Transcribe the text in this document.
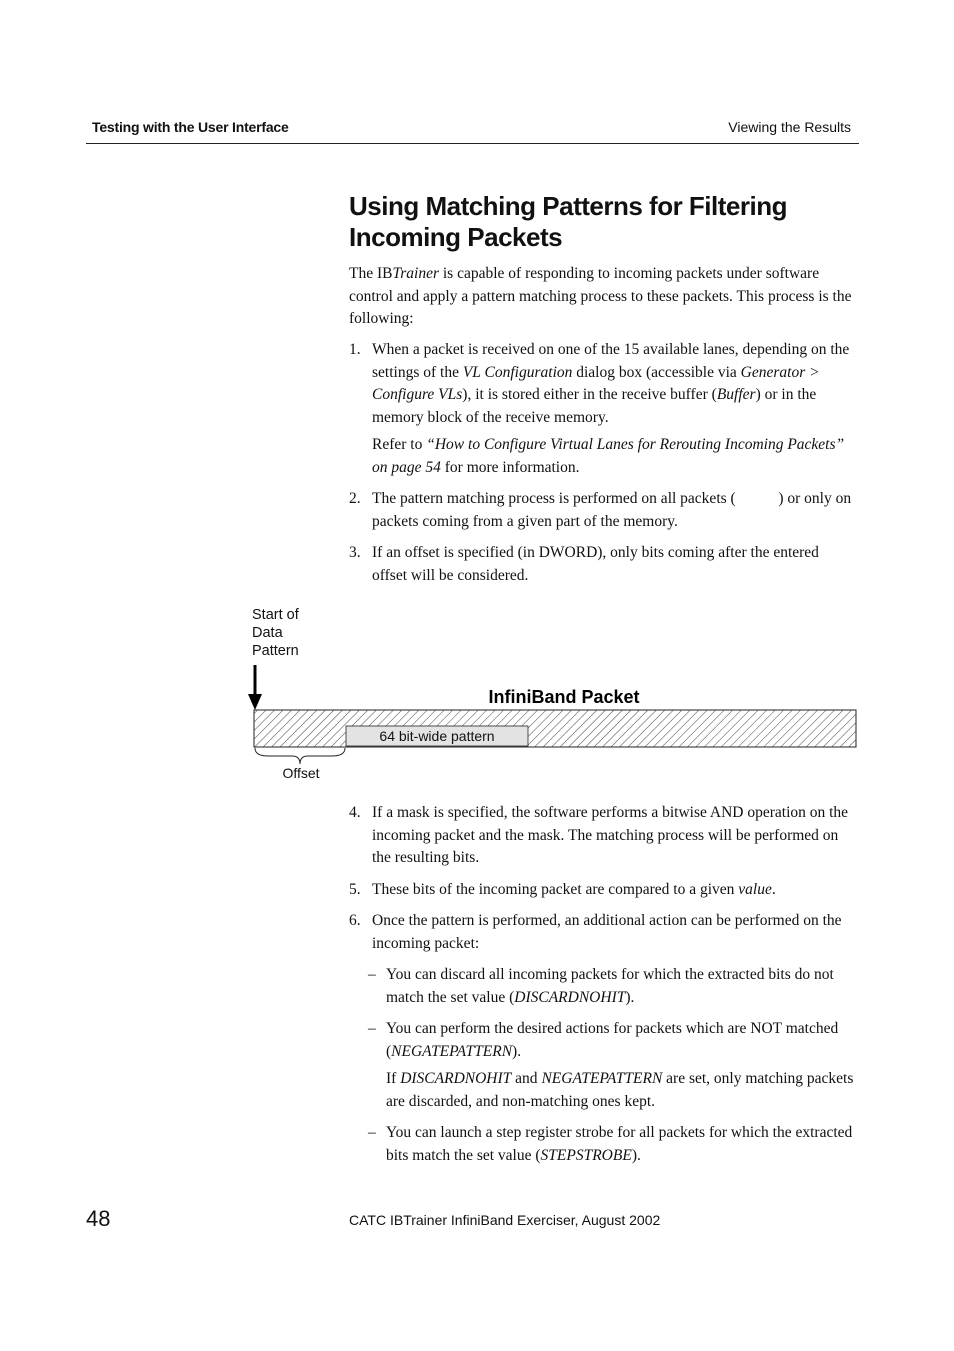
Testing with the User Interface	Viewing the Results
Using Matching Patterns for Filtering
Incoming Packets

The IBTrainer is capable of responding to incoming packets under software control and apply a pattern matching process to these packets. This process is the following:

1. When a packet is received on one of the 15 available lanes, depending on the settings of the VL Configuration dialog box (accessible via Generator > Configure VLs), it is stored either in the receive buffer (Buffer) or in the memory block of the receive memory.

Refer to “How to Configure Virtual Lanes for Rerouting Incoming Packets” on page 54 for more information.

2. The pattern matching process is performed on all packets (	) or only on packets coming from a given part of the memory.

3. If an offset is specified (in DWORD), only bits coming after the entered offset will be considered.

Start of
Data
Pattern
InfiniBand Packet
64 bit-wide pattern
Offset
4. If a mask is specified, the software performs a bitwise AND operation on the incoming packet and the mask. The matching process will be performed on the resulting bits.

5. These bits of the incoming packet are compared to a given value.

6. Once the pattern is performed, an additional action can be performed on the incoming packet:

– You can discard all incoming packets for which the extracted bits do not match the set value (DISCARDNOHIT).

– You can perform the desired actions for packets which are NOT matched (NEGATEPATTERN).

If DISCARDNOHIT and NEGATEPATTERN are set, only matching packets are discarded, and non-matching ones kept.

– You can launch a step register strobe for all packets for which the extracted bits match the set value (STEPSTROBE).

48	CATC IBTrainer InfiniBand Exerciser, August 2002
